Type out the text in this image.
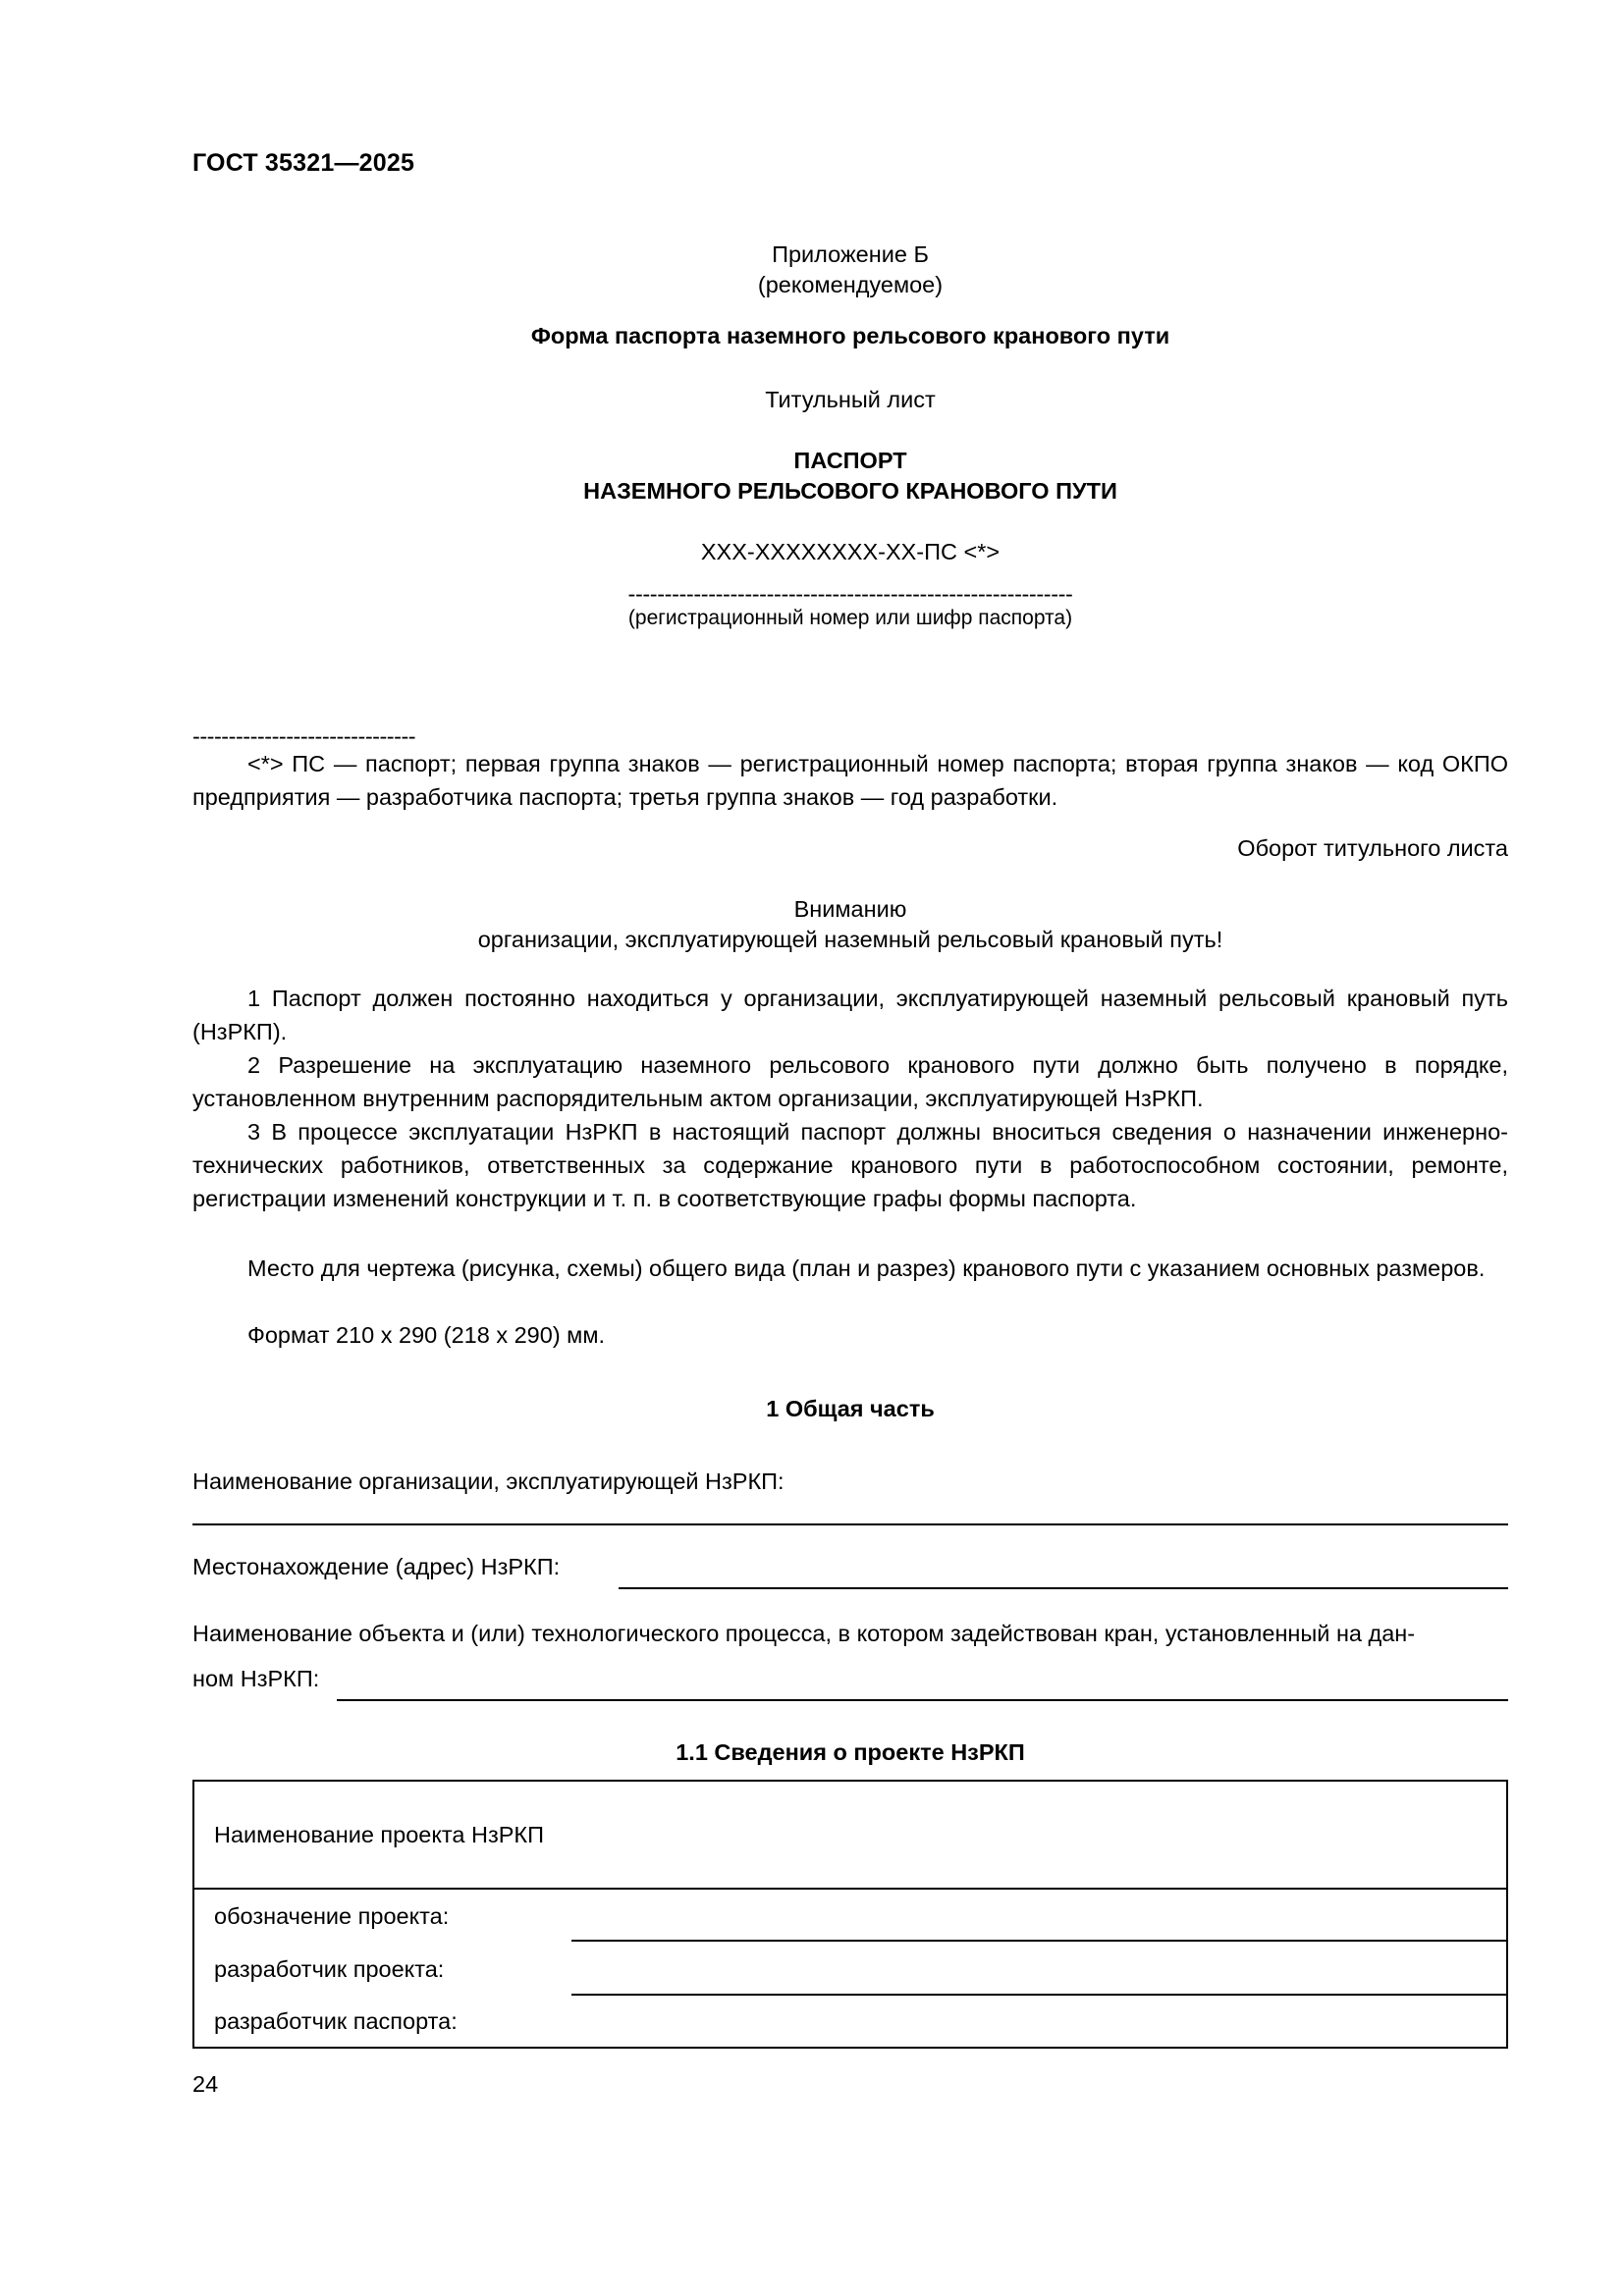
ГОСТ 35321—2025
Приложение Б
(рекомендуемое)
Форма паспорта наземного рельсового кранового пути
Титульный лист
ПАСПОРТ
НАЗЕМНОГО РЕЛЬСОВОГО КРАНОВОГО ПУТИ
ХХХ-ХХХХХХХХ-ХХ-ПС <*>
-------------------------------------------------------------
(регистрационный номер или шифр паспорта)
-------------------------------
<*> ПС — паспорт; первая группа знаков — регистрационный номер паспорта; вторая группа знаков — код ОКПО предприятия — разработчика паспорта; третья группа знаков — год разработки.
Оборот титульного листа
Вниманию
организации, эксплуатирующей наземный рельсовый крановый путь!
1 Паспорт должен постоянно находиться у организации, эксплуатирующей наземный рельсовый крановый путь (НзРКП).
2 Разрешение на эксплуатацию наземного рельсового кранового пути должно быть получено в порядке, установленном внутренним распорядительным актом организации, эксплуатирующей НзРКП.
3 В процессе эксплуатации НзРКП в настоящий паспорт должны вноситься сведения о назначении инженерно-технических работников, ответственных за содержание кранового пути в работоспособном состоянии, ремонте, регистрации изменений конструкции и т. п. в соответствующие графы формы паспорта.
Место для чертежа (рисунка, схемы) общего вида (план и разрез) кранового пути с указанием основных размеров.
Формат 210 х 290 (218 х 290) мм.
1 Общая часть
Наименование организации, эксплуатирующей НзРКП:
Местонахождение (адрес) НзРКП:
Наименование объекта и (или) технологического процесса, в котором задействован кран, установленный на дан-
ном НзРКП:
1.1 Сведения о проекте НзРКП
Наименование проекта НзРКП
обозначение проекта:
разработчик проекта:
разработчик паспорта:
24
